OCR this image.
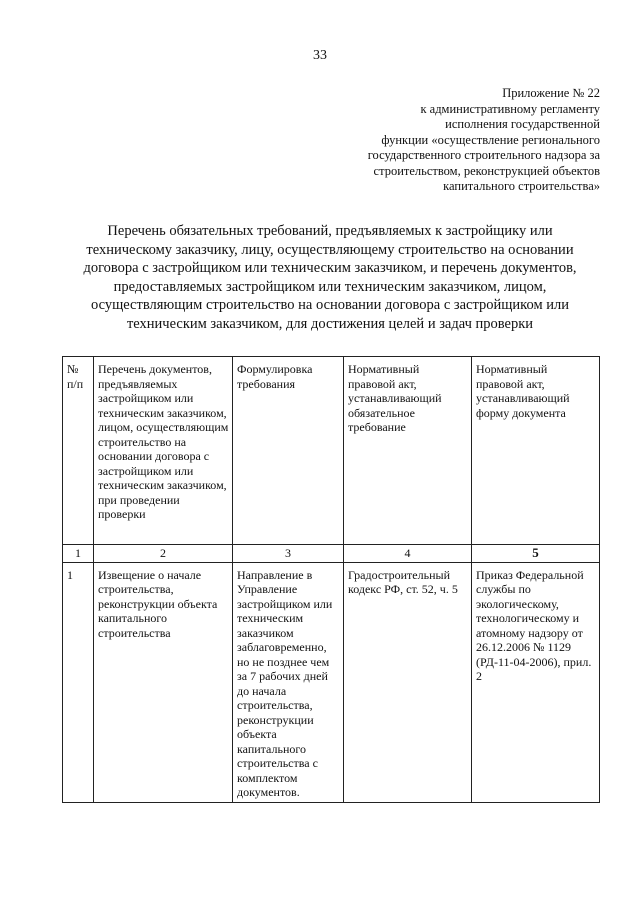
33
Приложение № 22
к административному регламенту
исполнения государственной
функции «осуществление регионального
государственного строительного надзора за
строительством, реконструкцией объектов
капитального строительства»
Перечень обязательных требований, предъявляемых к застройщику или
техническому заказчику, лицу, осуществляющему строительство на основании
договора с застройщиком или техническим заказчиком, и перечень документов,
предоставляемых застройщиком или техническим заказчиком, лицом,
осуществляющим строительство на основании договора с застройщиком или
техническим заказчиком, для достижения целей и задач проверки
№ п/п	Перечень документов, предъявляемых застройщиком или техническим заказчиком, лицом, осуществляющим строительство на основании договора с застройщиком или техническим заказчиком, при проведении проверки	Формулировка требования	Нормативный правовой акт, устанавливающий обязательное требование	Нормативный правовой акт, устанавливающий форму документа
1	2	3	4	5
1	Извещение о начале строительства, реконструкции объекта капитального строительства	Направление в Управление застройщиком или техническим заказчиком заблаговременно, но не позднее чем за 7 рабочих дней до начала строительства, реконструкции объекта капитального строительства с комплектом документов.	Градостроительный кодекс РФ, ст. 52, ч. 5	Приказ Федеральной службы по экологическому, технологическому и атомному надзору от 26.12.2006 № 1129 (РД-11-04-2006), прил. 2
